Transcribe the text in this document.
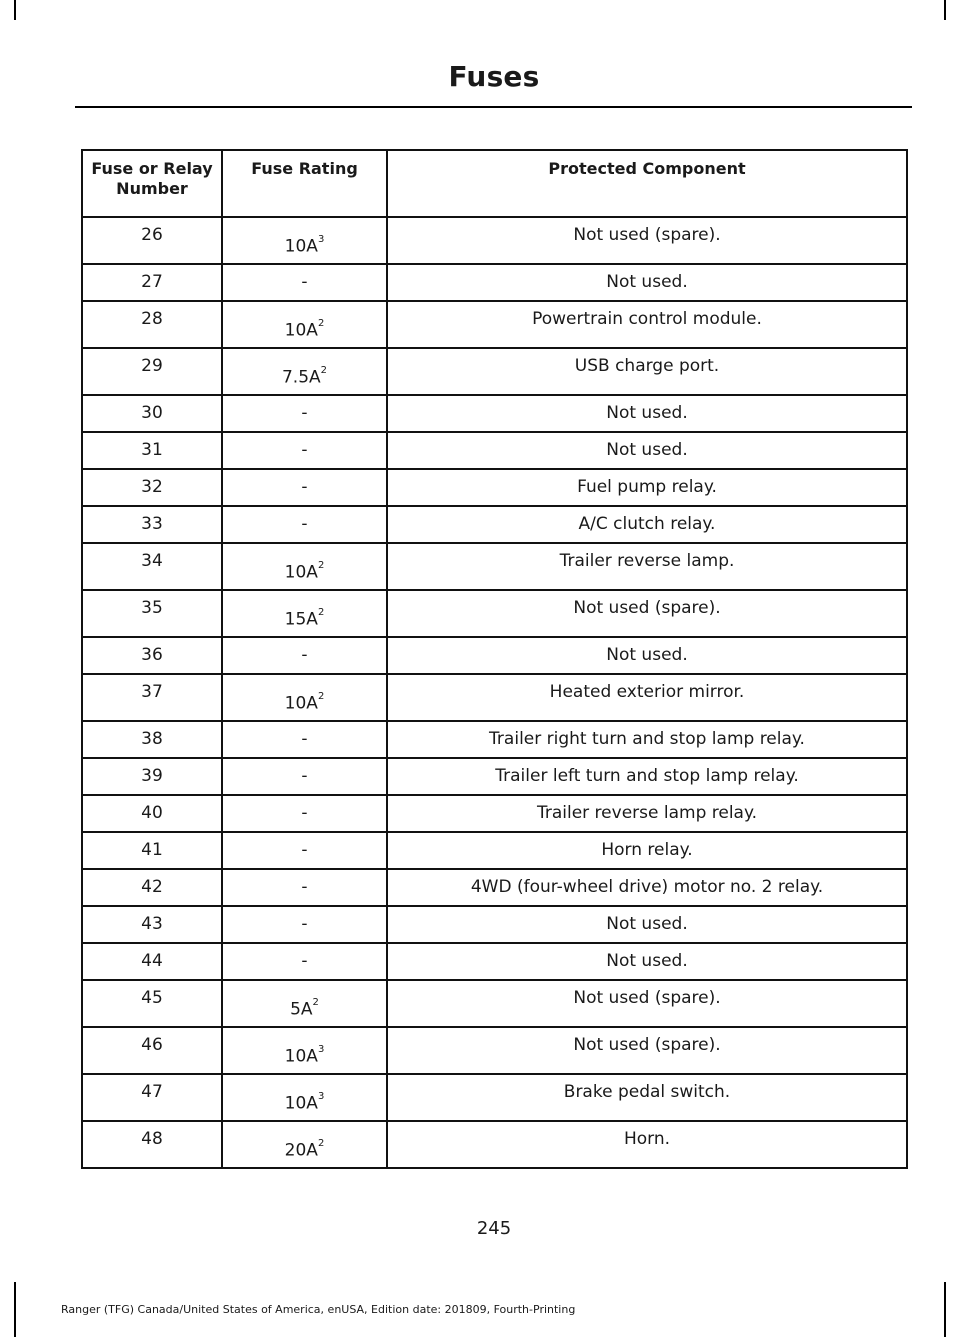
Fuses
Fuse or Relay Number	Fuse Rating	Protected Component
26	$10A^3$	Not used (spare).
27	-	Not used.
28	$10A^2$	Powertrain control module.
29	$7.5A^2$	USB charge port.
30	-	Not used.
31	-	Not used.
32	-	Fuel pump relay.
33	-	A/C clutch relay.
34	$10A^2$	Trailer reverse lamp.
35	$15A^2$	Not used (spare).
36	-	Not used.
37	$10A^2$	Heated exterior mirror.
38	-	Trailer right turn and stop lamp relay.
39	-	Trailer left turn and stop lamp relay.
40	-	Trailer reverse lamp relay.
41	-	Horn relay.
42	-	4WD (four-wheel drive) motor no. 2 relay.
43	-	Not used.
44	-	Not used.
45	$5A^2$	Not used (spare).
46	$10A^3$	Not used (spare).
47	$10A^3$	Brake pedal switch.
48	$20A^2$	Horn.
245
Ranger (TFG) Canada/United States of America, enUSA, Edition date: 201809, Fourth-Printing
